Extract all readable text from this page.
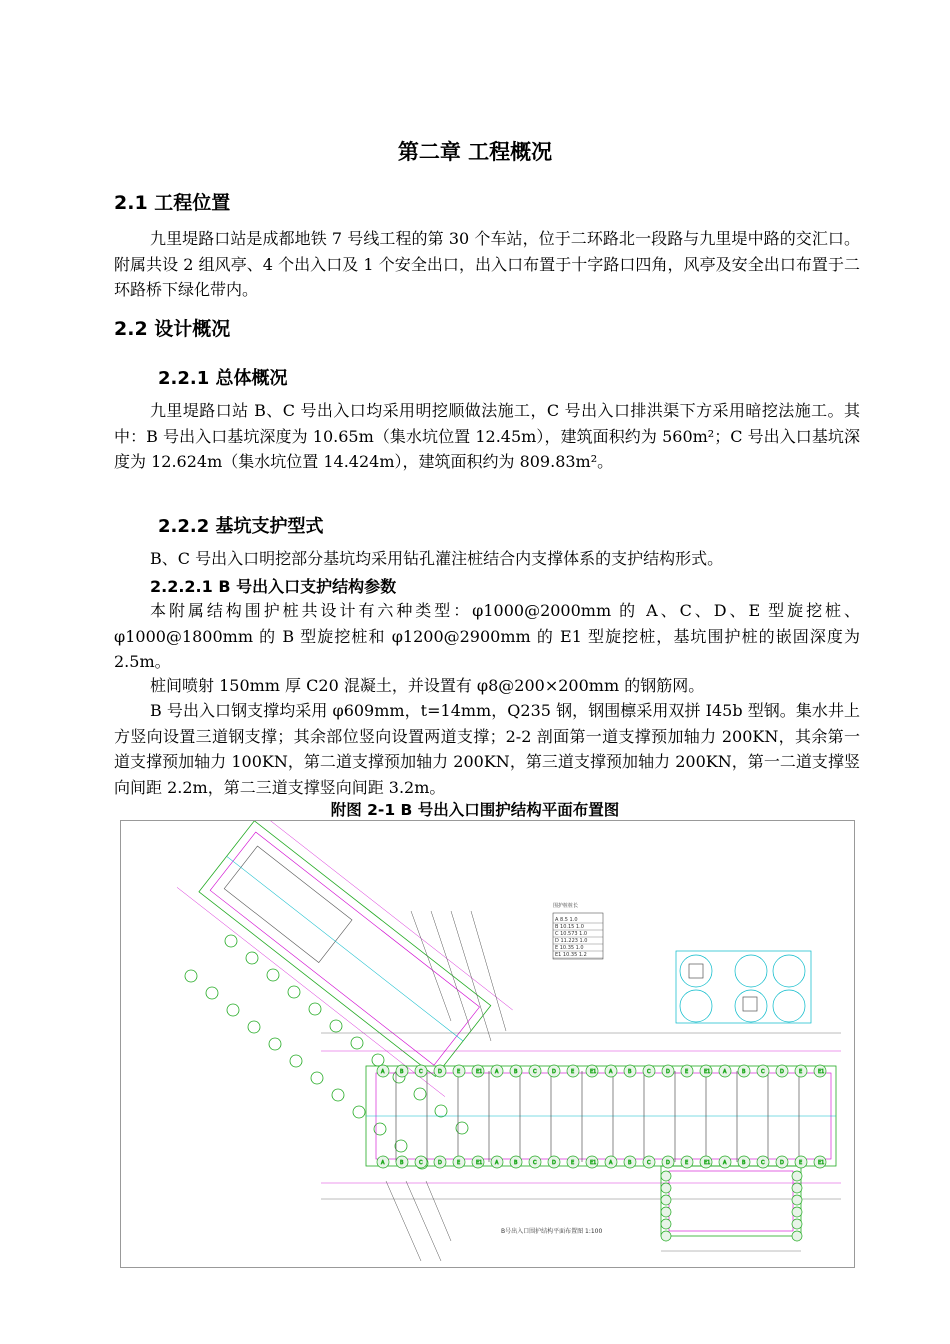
第二章 工程概况
2.1 工程位置

九里堤路口站是成都地铁 7 号线工程的第 30 个车站，位于二环路北一段路与九里堤中路的交汇口。附属共设 2 组风亭、4 个出入口及 1 个安全出口，出入口布置于十字路口四角，风亭及安全出口布置于二环路桥下绿化带内。

2.2 设计概况
2.2.1 总体概况

九里堤路口站 B、C 号出入口均采用明挖顺做法施工，C 号出入口排洪渠下方采用暗挖法施工。其中：B 号出入口基坑深度为 10.65m（集水坑位置 12.45m），建筑面积约为 560m²；C 号出入口基坑深度为 12.624m（集水坑位置 14.424m），建筑面积约为 809.83m²。

2.2.2 基坑支护型式

B、C 号出入口明挖部分基坑均采用钻孔灌注桩结合内支撑体系的支护结构形式。

2.2.2.1 B 号出入口支护结构参数

本附属结构围护桩共设计有六种类型：φ1000@2000mm 的 A、C、D、E 型旋挖桩、φ1000@1800mm 的 B 型旋挖桩和 φ1200@2900mm 的 E1 型旋挖桩，基坑围护桩的嵌固深度为 2.5m。

桩间喷射 150mm 厚 C20 混凝土，并设置有 φ8@200×200mm 的钢筋网。

B 号出入口钢支撑均采用 φ609mm，t=14mm，Q235 钢，钢围檩采用双拼 I45b 型钢。集水井上方竖向设置三道钢支撑；其余部位竖向设置两道支撑；2-2 剖面第一道支撑预加轴力 200KN，其余第一道支撑预加轴力 100KN，第二道支撑预加轴力 200KN，第三道支撑预加轴力 200KN，第一二道支撑竖向间距 2.2m，第二三道支撑竖向间距 3.2m。

附图 2-1 B 号出入口围护结构平面布置图
A	B	C	D	E	E1	A	B	C	D	E	E1	A	B	C	D	E	E1	A	B	C	D	E	E1
A	B	C	D	E	E1	A	B	C	D	E	E1	A	B	C	D	E	E1	A	B	C	D	E	E1
围护桩桩长
A 8.5 1.0
B 10.15 1.0
C 10.573 1.0
D 11.223 1.0
E 10.35 1.0
E1 10.35 1.2
B号出入口围护结构平面布置图 1:100
